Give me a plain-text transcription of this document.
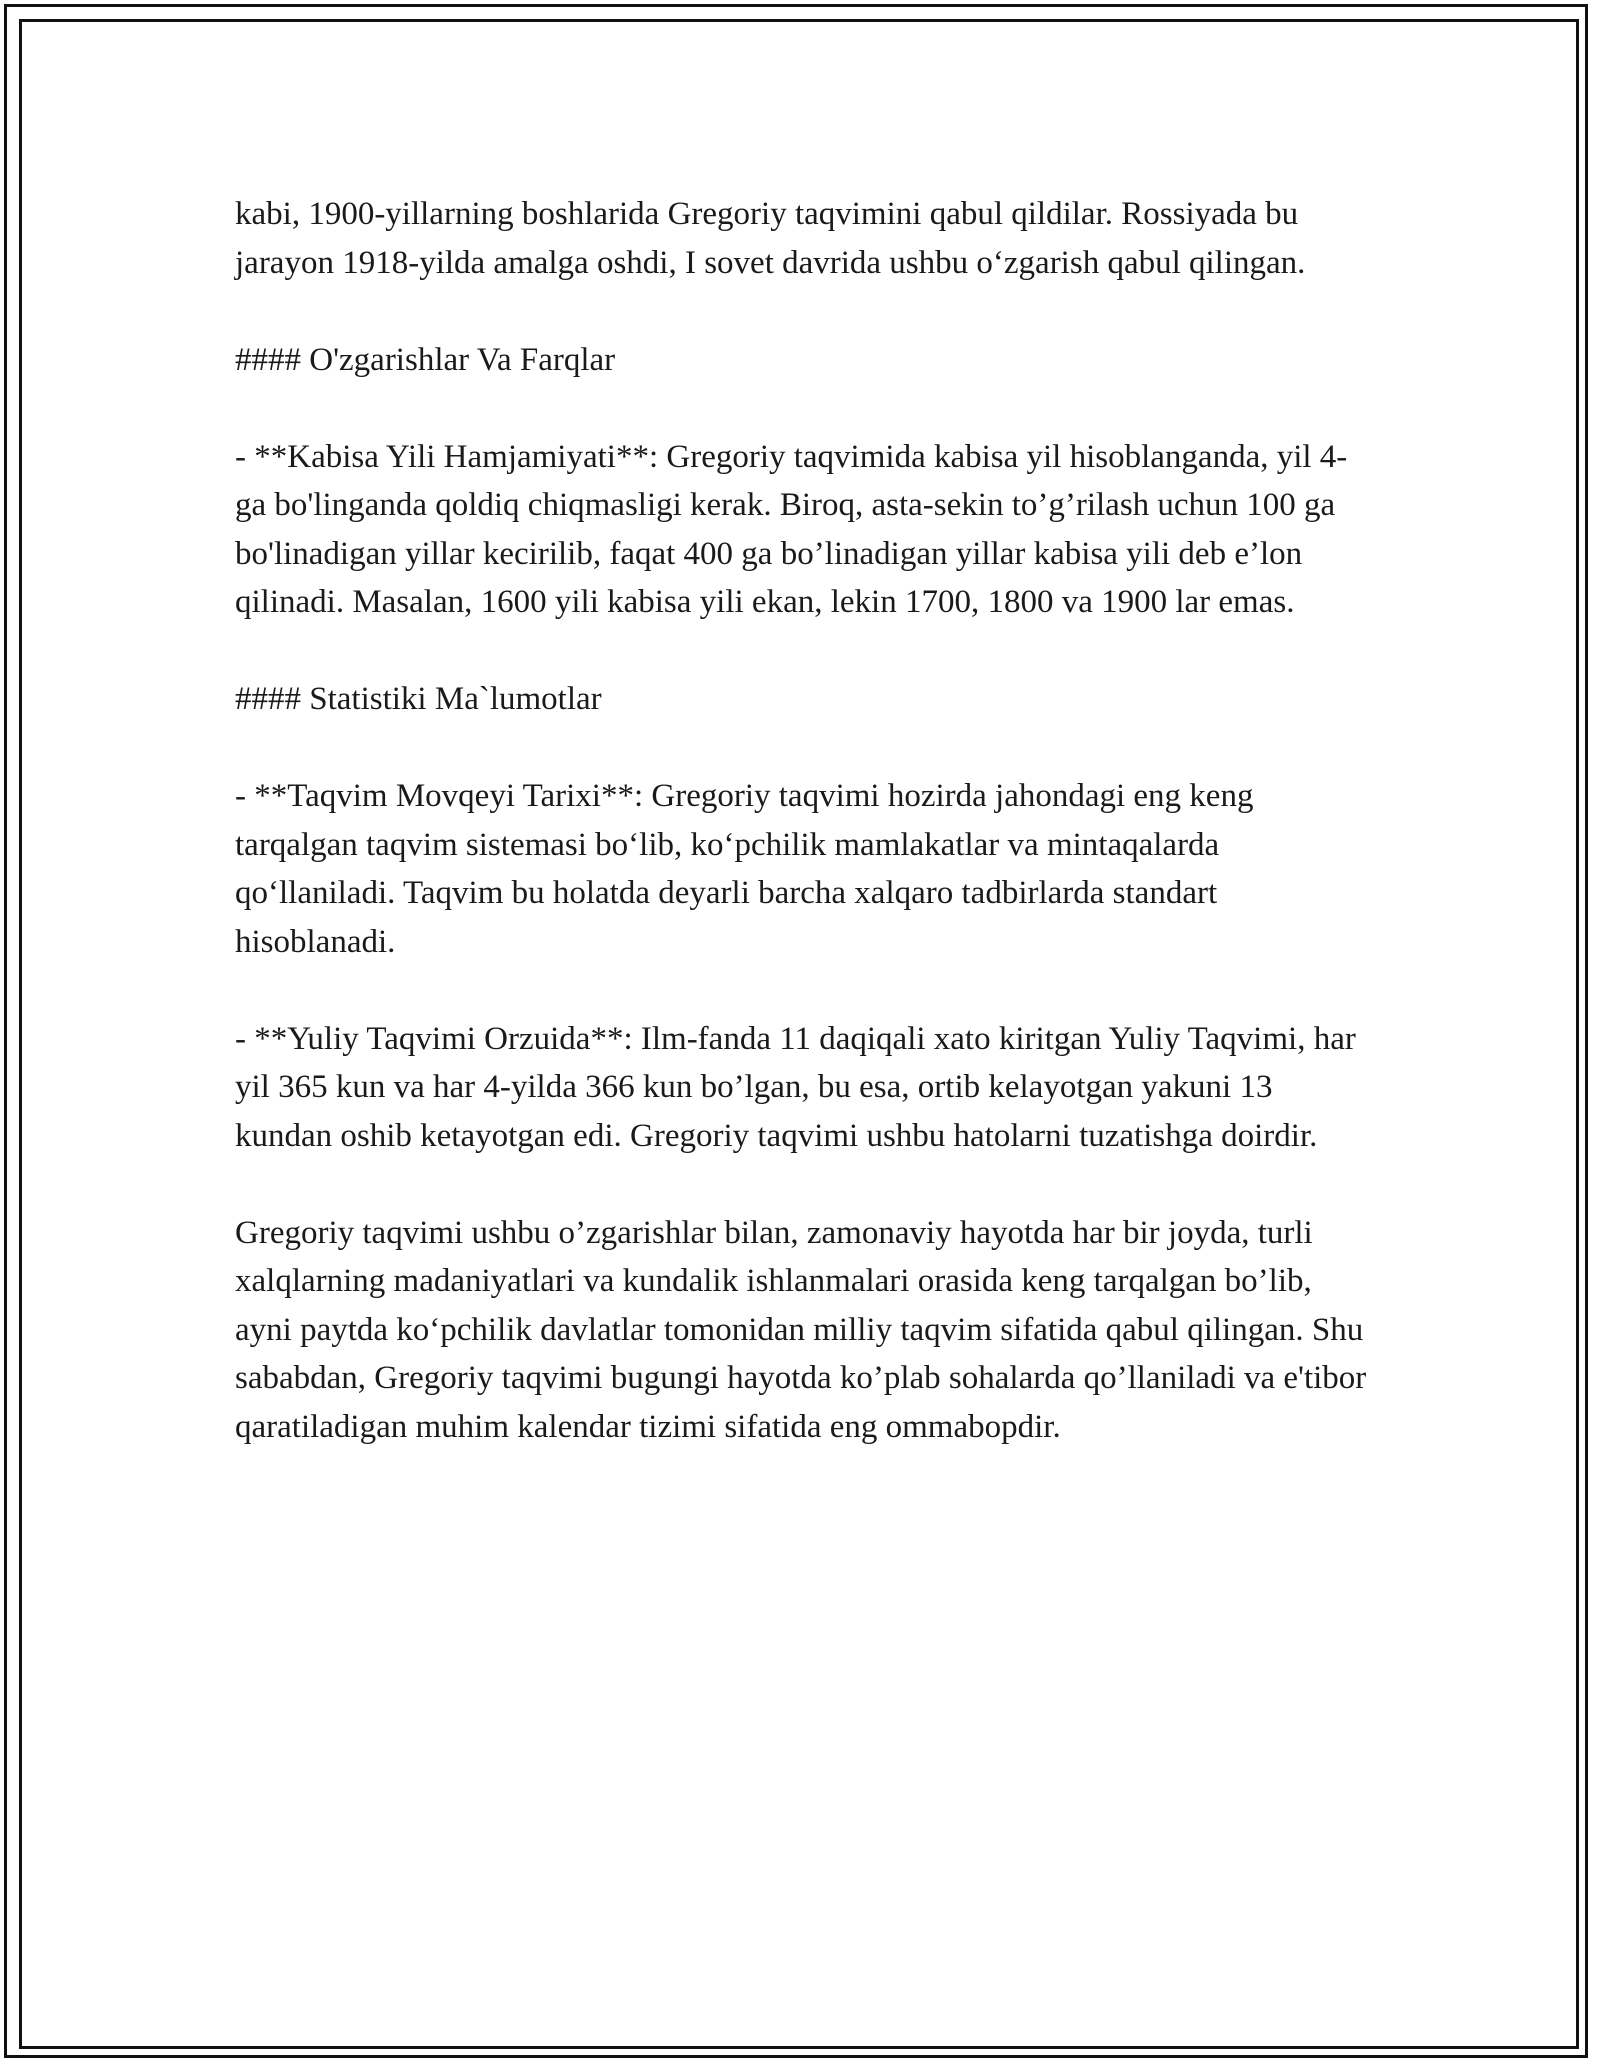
kabi, 1900-yillarning boshlarida Gregoriy taqvimini qabul qildilar. Rossiyada bu jarayon 1918-yilda amalga oshdi, I sovet davrida ushbu o‘zgarish qabul qilingan.

#### O'zgarishlar Va Farqlar

- **Kabisa Yili Hamjamiyati**: Gregoriy taqvimida kabisa yil hisoblanganda, yil 4-ga bo'linganda qoldiq chiqmasligi kerak. Biroq, asta-sekin to’g’rilash uchun 100 ga bo'linadigan yillar kecirilib, faqat 400 ga bo’linadigan yillar kabisa yili deb e’lon qilinadi. Masalan, 1600 yili kabisa yili ekan, lekin 1700, 1800 va 1900 lar emas.

#### Statistiki Ma`lumotlar

- **Taqvim Movqeyi Tarixi**: Gregoriy taqvimi hozirda jahondagi eng keng tarqalgan taqvim sistemasi bo‘lib, ko‘pchilik mamlakatlar va mintaqalarda qo‘llaniladi. Taqvim bu holatda deyarli barcha xalqaro tadbirlarda standart hisoblanadi.

- **Yuliy Taqvimi Orzuida**: Ilm-fanda 11 daqiqali xato kiritgan Yuliy Taqvimi, har yil 365 kun va har 4-yilda 366 kun bo’lgan, bu esa, ortib kelayotgan yakuni 13 kundan oshib ketayotgan edi. Gregoriy taqvimi ushbu hatolarni tuzatishga doirdir.

Gregoriy taqvimi ushbu o’zgarishlar bilan, zamonaviy hayotda har bir joyda, turli xalqlarning madaniyatlari va kundalik ishlanmalari orasida keng tarqalgan bo’lib, ayni paytda ko‘pchilik davlatlar tomonidan milliy taqvim sifatida qabul qilingan. Shu sababdan, Gregoriy taqvimi bugungi hayotda ko’plab sohalarda qo’llaniladi va e'tibor qaratiladigan muhim kalendar tizimi sifatida eng ommabopdir.
